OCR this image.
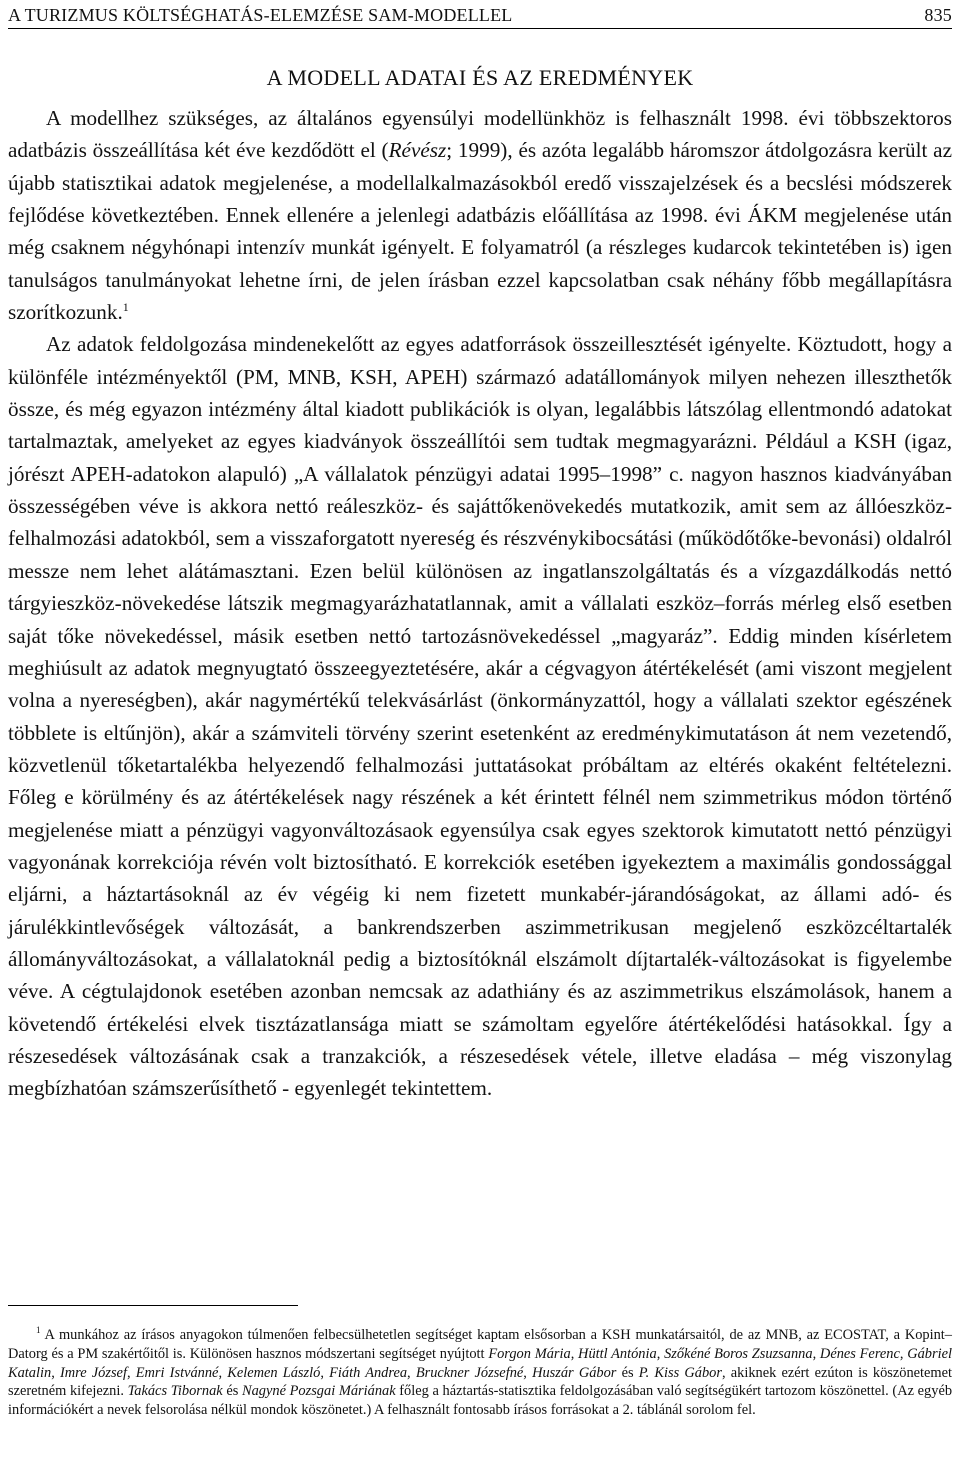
A TURIZMUS KÖLTSÉGHATÁS-ELEMZÉSE SAM-MODELLEL	835
A MODELL ADATAI ÉS AZ EREDMÉNYEK

A modellhez szükséges, az általános egyensúlyi modellünkhöz is felhasznált 1998. évi többszektoros adatbázis összeállítása két éve kezdődött el (Révész; 1999), és azóta legalább háromszor átdolgozásra került az újabb statisztikai adatok megjelenése, a modellalkalmazásokból eredő visszajelzések és a becslési módszerek fejlődése következtében. Ennek ellenére a jelenlegi adatbázis előállítása az 1998. évi ÁKM megjelenése után még csaknem négyhónapi intenzív munkát igényelt. E folyamatról (a részleges kudarcok tekintetében is) igen tanulságos tanulmányokat lehetne írni, de jelen írásban ezzel kapcsolatban csak néhány főbb megállapításra szorítkozunk.$^1$

Az adatok feldolgozása mindenekelőtt az egyes adatforrások összeillesztését igényelte. Köztudott, hogy a különféle intézményektől (PM, MNB, KSH, APEH) származó adatállományok milyen nehezen illeszthetők össze, és még egyazon intézmény által kiadott publikációk is olyan, legalábbis látszólag ellentmondó adatokat tartalmaztak, amelyeket az egyes kiadványok összeállítói sem tudtak megmagyarázni. Például a KSH (igaz, jórészt APEH-adatokon alapuló) „A vállalatok pénzügyi adatai 1995–1998” c. nagyon hasznos kiadványában összességében véve is akkora nettó reáleszköz- és sajáttőkenövekedés mutatkozik, amit sem az állóeszköz-felhalmozási adatokból, sem a visszaforgatott nyereség és részvénykibocsátási (működőtőke-bevonási) oldalról messze nem lehet alátámasztani. Ezen belül különösen az ingatlanszolgáltatás és a vízgazdálkodás nettó tárgyieszköz-növekedése látszik megmagyarázhatatlannak, amit a vállalati eszköz–forrás mérleg első esetben saját tőke növekedéssel, másik esetben nettó tartozásnövekedéssel „magyaráz”. Eddig minden kísérletem meghiúsult az adatok megnyugtató összeegyeztetésére, akár a cégvagyon átértékelését (ami viszont megjelent volna a nyereségben), akár nagymértékű telekvásárlást (önkormányzattól, hogy a vállalati szektor egészének többlete is eltűnjön), akár a számviteli törvény szerint esetenként az eredménykimutatáson át nem vezetendő, közvetlenül tőketartalékba helyezendő felhalmozási juttatásokat próbáltam az eltérés okaként feltételezni. Főleg e körülmény és az átértékelések nagy részének a két érintett félnél nem szimmetrikus módon történő megjelenése miatt a pénzügyi vagyonváltozásaok egyensúlya csak egyes szektorok kimutatott nettó pénzügyi vagyonának korrekciója révén volt biztosítható. E korrekciók esetében igyekeztem a maximális gondossággal eljárni, a háztartásoknál az év végéig ki nem fizetett munkabér-járandóságokat, az állami adó- és járulékkintlevőségek változását, a bankrendszerben aszimmetrikusan megjelenő eszközcéltartalék állományváltozásokat, a vállalatoknál pedig a biztosítóknál elszámolt díjtartalék-változásokat is figyelembe véve. A cégtulajdonok esetében azonban nemcsak az adathiány és az aszimmetrikus elszámolások, hanem a követendő értékelési elvek tisztázatlansága miatt se számoltam egyelőre átértékelődési hatásokkal. Így a részesedések változásának csak a tranzakciók, a részesedések vétele, illetve eladása – még viszonylag megbízhatóan számszerűsíthető - egyenlegét tekintettem.

$^1$ A munkához az írásos anyagokon túlmenően felbecsülhetetlen segítséget kaptam elsősorban a KSH munkatársaitól, de az MNB, az ECOSTAT, a Kopint–Datorg és a PM szakértőitől is. Különösen hasznos módszertani segítséget nyújtott Forgon Mária, Hüttl Antónia, Szőkéné Boros Zsuzsanna, Dénes Ferenc, Gábriel Katalin, Imre József, Emri Istvánné, Kelemen László, Fiáth Andrea, Bruckner Józsefné, Huszár Gábor és P. Kiss Gábor, akiknek ezért ezúton is köszönetemet szeretném kifejezni. Takács Tibornak és Nagyné Pozsgai Máriának főleg a háztartás-statisztika feldolgozásában való segítségükért tartozom köszönettel. (Az egyéb információkért a nevek felsorolása nélkül mondok köszönetet.) A felhasznált fontosabb írásos forrásokat a 2. táblánál sorolom fel.
